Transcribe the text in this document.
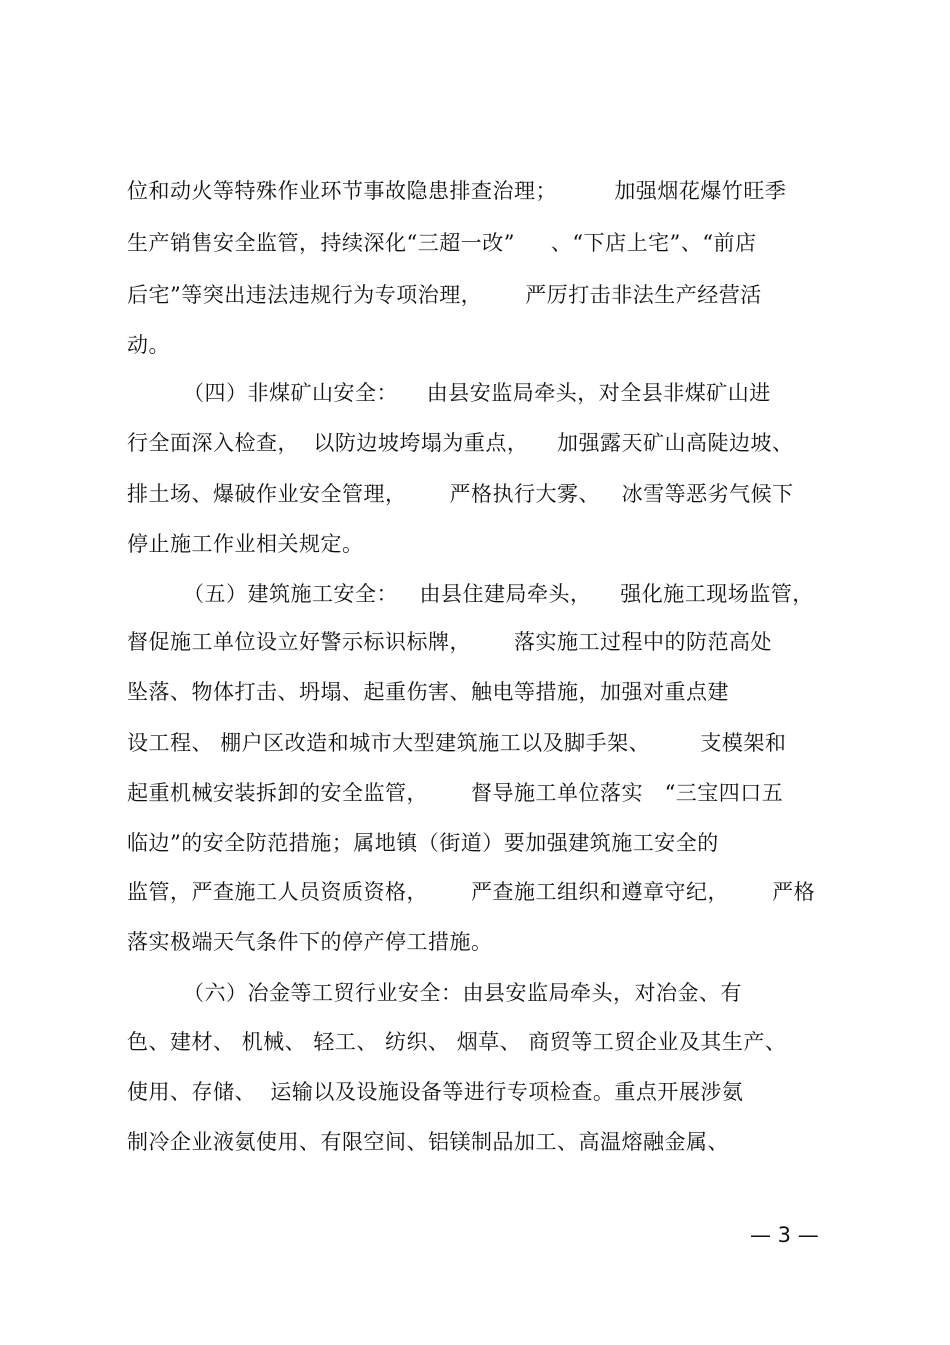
位和动火等特殊作业环节事故隐患排查治理；        加强烟花爆竹旺季
生产销售安全监管，持续深化“三超一改”     、“下店上宅”、“前店
后宅”等突出违法违规行为专项治理，      严厉打击非法生产经营活
动。
（四）非煤矿山安全：    由县安监局牵头，对全县非煤矿山进
行全面深入检查，  以防边坡垮塌为重点，    加强露天矿山高陡边坡、
排土场、爆破作业安全管理，      严格执行大雾、   冰雪等恶劣气候下
停止施工作业相关规定。
（五）建筑施工安全：   由县住建局牵头，    强化施工现场监管，
督促施工单位设立好警示标识标牌，      落实施工过程中的防范高处
坠落、物体打击、坍塌、起重伤害、触电等措施，加强对重点建
设工程、 棚户区改造和城市大型建筑施工以及脚手架、       支模架和
起重机械安装拆卸的安全监管，      督导施工单位落实   “三宝四口五
临边”的安全防范措施；属地镇（街道）要加强建筑施工安全的
监管，严查施工人员资质资格，      严查施工组织和遵章守纪，      严格
落实极端天气条件下的停产停工措施。
（六）冶金等工贸行业安全：由县安监局牵头，对冶金、有
色、建材、 机械、 轻工、 纺织、 烟草、 商贸等工贸企业及其生产、
使用、存储、  运输以及设施设备等进行专项检查。重点开展涉氨
制冷企业液氨使用、有限空间、铝镁制品加工、高温熔融金属、
— 3 —
